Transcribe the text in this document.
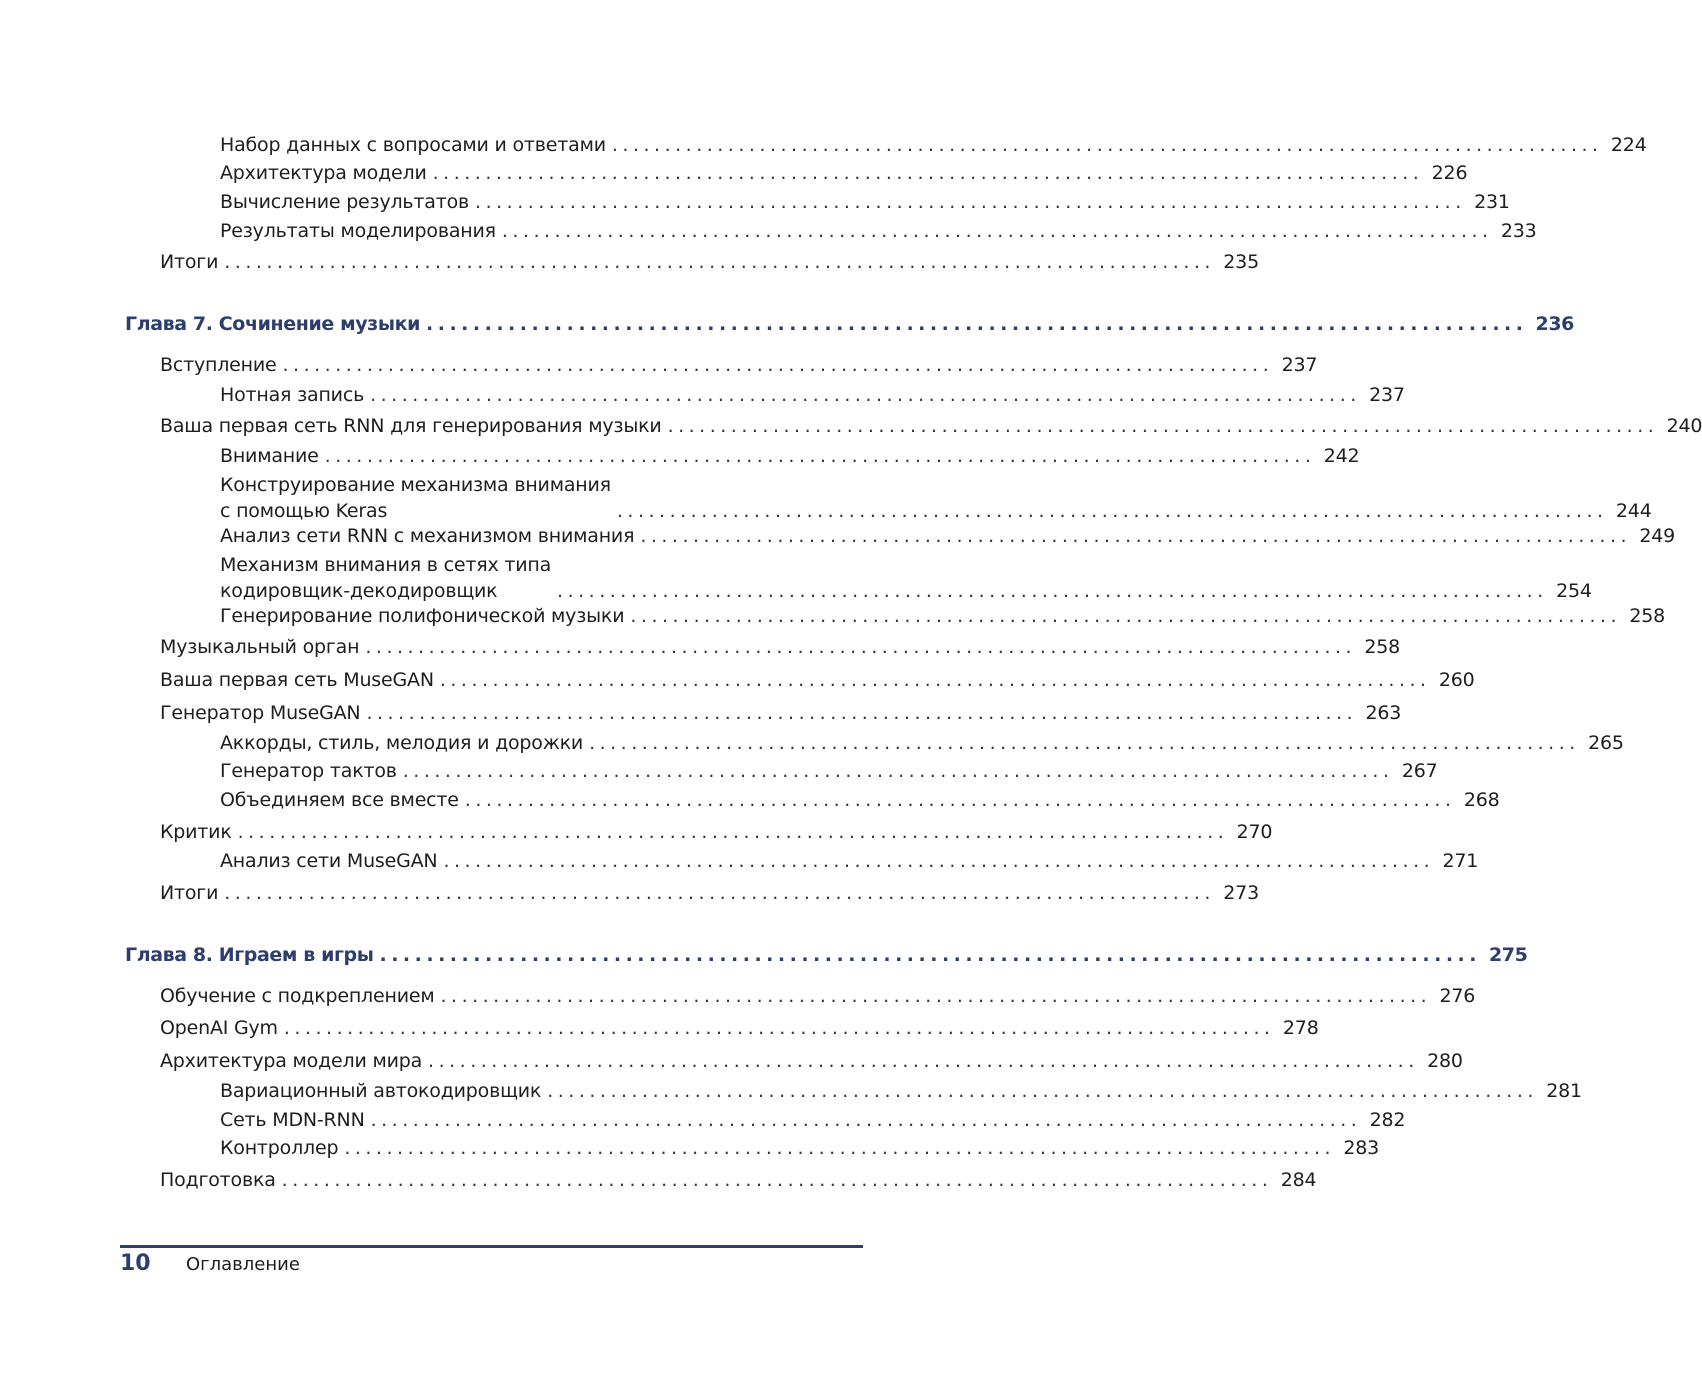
Набор данных с вопросами и ответами .............................................................................................. 224
Архитектура модели .............................................................................................. 226
Вычисление результатов .............................................................................................. 231
Результаты моделирования .............................................................................................. 233
Итоги .............................................................................................. 235
Глава 7. Сочинение музыки .............................................................................................. 236
Вступление .............................................................................................. 237
Нотная запись .............................................................................................. 237
Ваша первая сеть RNN для генерирования музыки .............................................................................................. 240
Внимание .............................................................................................. 242
Конструирование механизма внимания
с помощью Keras	.............................................................................................. 244
Анализ сети RNN с механизмом внимания .............................................................................................. 249
Механизм внимания в сетях типа
кодировщик-декодировщик	.............................................................................................. 254
Генерирование полифонической музыки .............................................................................................. 258
Музыкальный орган .............................................................................................. 258
Ваша первая сеть MuseGAN .............................................................................................. 260
Генератор MuseGAN .............................................................................................. 263
Аккорды, стиль, мелодия и дорожки .............................................................................................. 265
Генератор тактов .............................................................................................. 267
Объединяем все вместе .............................................................................................. 268
Критик .............................................................................................. 270
Анализ сети MuseGAN .............................................................................................. 271
Итоги .............................................................................................. 273
Глава 8. Играем в игры .............................................................................................. 275
Обучение с подкреплением .............................................................................................. 276
OpenAI Gym .............................................................................................. 278
Архитектура модели мира .............................................................................................. 280
Вариационный автокодировщик .............................................................................................. 281
Сеть MDN-RNN .............................................................................................. 282
Контроллер .............................................................................................. 283
Подготовка .............................................................................................. 284
10 Оглавление
